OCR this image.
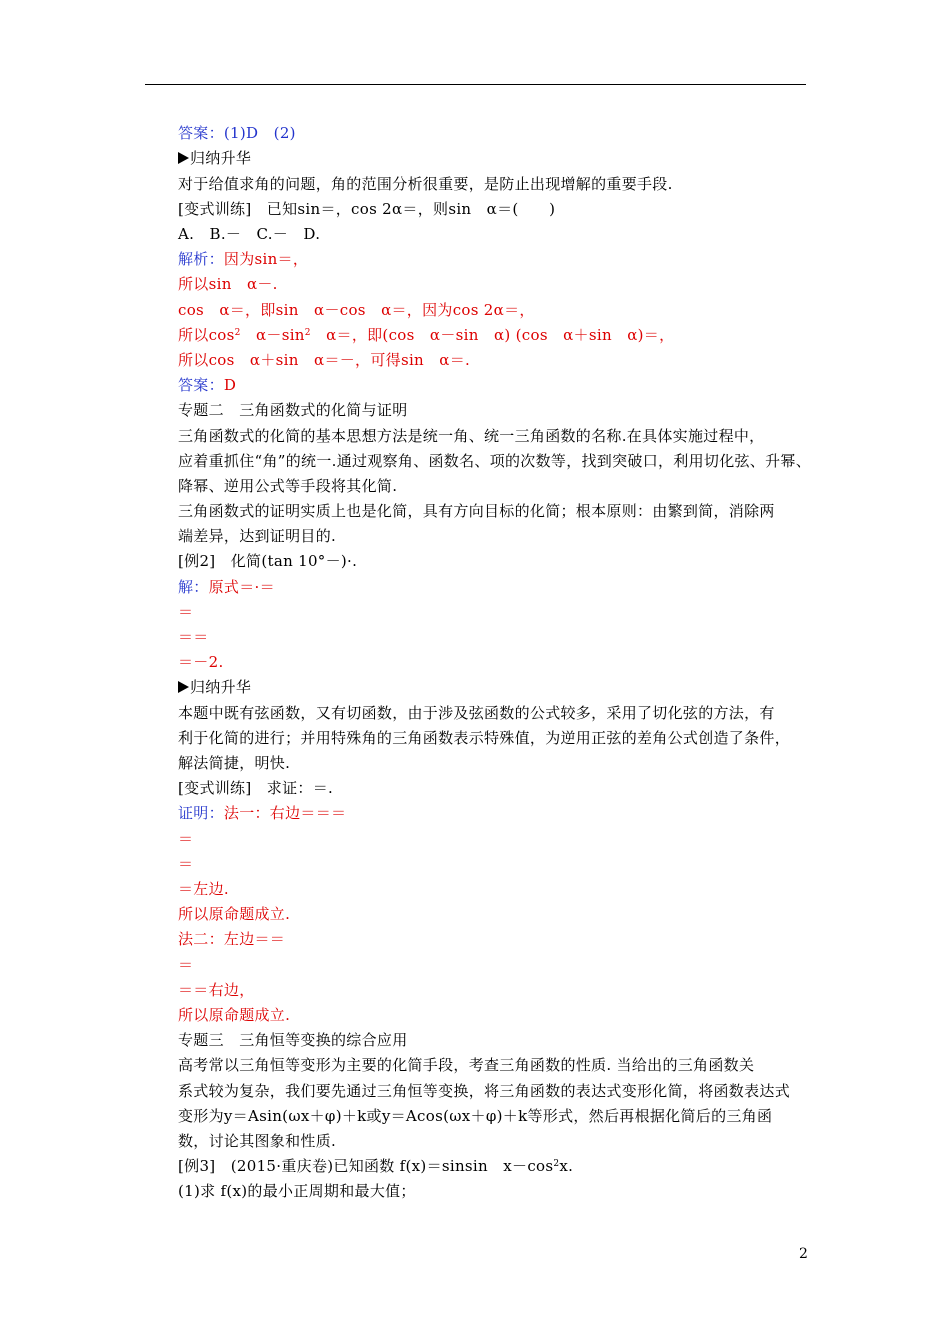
答案：(1)D　(2)
归纳升华
对于给值求角的问题，角的范围分析很重要，是防止出现增解的重要手段.
[变式训练]　已知sin＝，cos 2α＝，则sin　α＝(　　)
A.　B.－　C.－　D.
解析：因为sin＝，
所以sin　α－.
cos　α＝，即sin　α－cos　α＝，因为cos 2α＝，
所以$\cos^2$　$\alpha-\sin^2$　α＝，即(cos　α－sin　α) (cos　α＋sin　α)＝，
所以cos　α＋sin　α＝－，可得sin　α＝.
答案：D
专题二　三角函数式的化简与证明
三角函数式的化简的基本思想方法是统一角、统一三角函数的名称.在具体实施过程中，
应着重抓住“角”的统一.通过观察角、函数名、项的次数等，找到突破口，利用切化弦、升幂、
降幂、逆用公式等手段将其化简.
三角函数式的证明实质上也是化简，具有方向目标的化简；根本原则：由繁到简，消除两
端差异，达到证明目的.
[例2]　化简(tan 10°－)·.
解：原式＝·＝
＝
＝＝
＝－2.
归纳升华
本题中既有弦函数，又有切函数，由于涉及弦函数的公式较多，采用了切化弦的方法，有
利于化简的进行；并用特殊角的三角函数表示特殊值，为逆用正弦的差角公式创造了条件，
解法简捷，明快.
[变式训练]　求证：＝.
证明：法一：右边＝＝＝
＝
＝
＝左边.
所以原命题成立.
法二：左边＝＝
＝
＝＝右边，
所以原命题成立.
专题三　三角恒等变换的综合应用
高考常以三角恒等变形为主要的化简手段，考查三角函数的性质. 当给出的三角函数关
系式较为复杂，我们要先通过三角恒等变换，将三角函数的表达式变形化简，将函数表达式
变形为y＝Asin(ωx＋φ)＋k或y＝Acos(ωx＋φ)＋k等形式，然后再根据化简后的三角函
数，讨论其图象和性质.
[例3]　(2015·重庆卷)已知函数 f(x)＝sinsin　$x-\cos^2x$.
(1)求 f(x)的最小正周期和最大值；
2
